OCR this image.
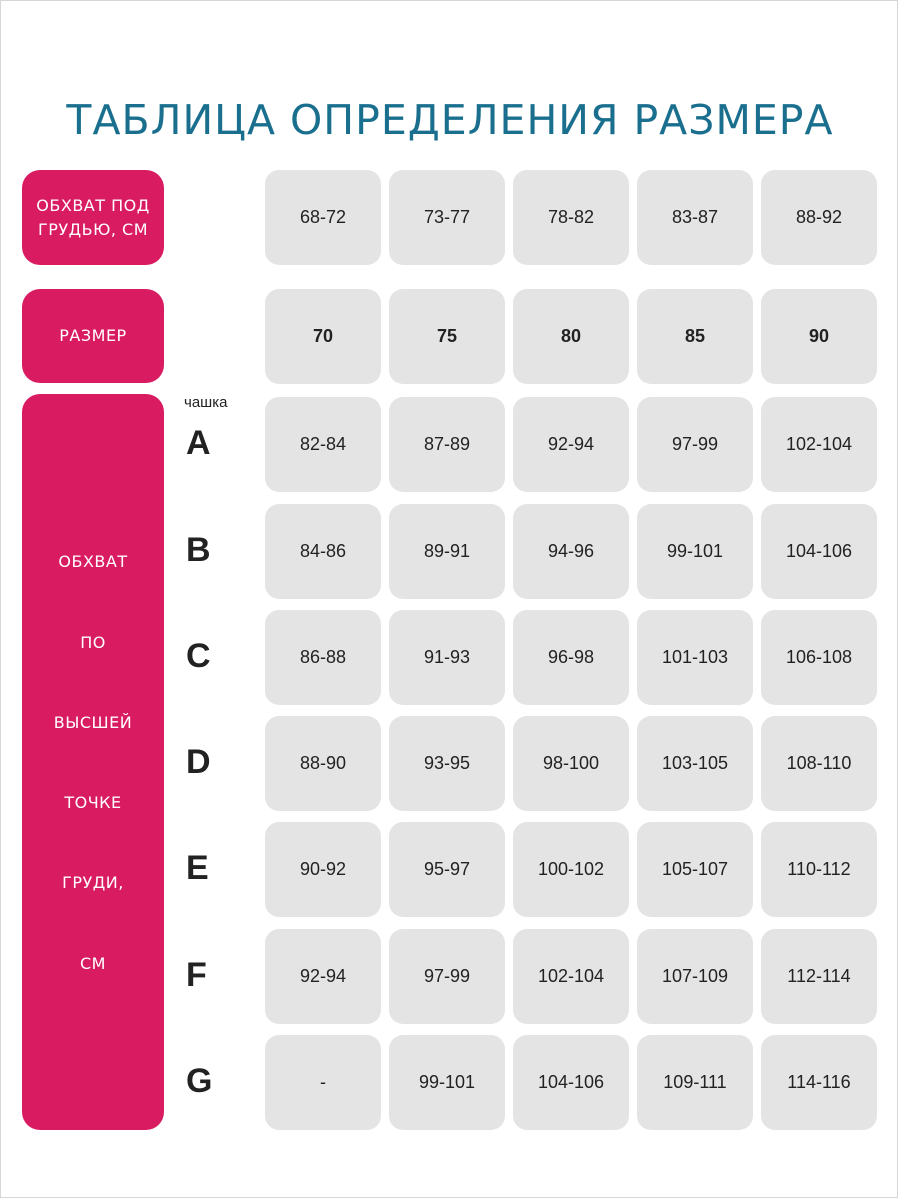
ТАБЛИЦА ОПРЕДЕЛЕНИЯ РАЗМЕРА
ОБХВАТ ПОД
ГРУДЬЮ, СМ
РАЗМЕР
ОБХВАТ
ПО
ВЫСШЕЙ
ТОЧКЕ
ГРУДИ,
СМ
чашка
68-72	73-77	78-82	83-87	88-92
70	75	80	85	90
A	82-84	87-89	92-94	97-99	102-104
B	84-86	89-91	94-96	99-101	104-106
C	86-88	91-93	96-98	101-103	106-108
D	88-90	93-95	98-100	103-105	108-110
E	90-92	95-97	100-102	105-107	110-112
F	92-94	97-99	102-104	107-109	112-114
G	-	99-101	104-106	109-111	114-116
